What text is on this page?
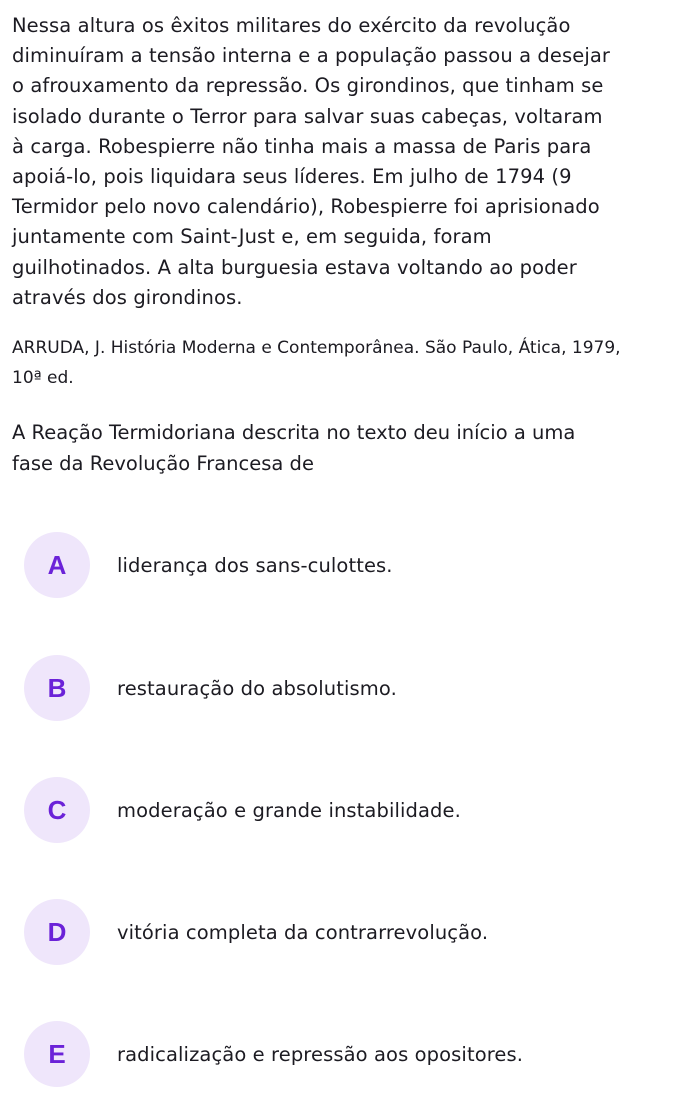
Nessa altura os êxitos militares do exército da revolução
diminuíram a tensão interna e a população passou a desejar
o afrouxamento da repressão. Os girondinos, que tinham se
isolado durante o Terror para salvar suas cabeças, voltaram
à carga. Robespierre não tinha mais a massa de Paris para
apoiá-lo, pois liquidara seus líderes. Em julho de 1794 (9
Termidor pelo novo calendário), Robespierre foi aprisionado
juntamente com Saint-Just e, em seguida, foram
guilhotinados. A alta burguesia estava voltando ao poder
através dos girondinos.
ARRUDA, J. História Moderna e Contemporânea. São Paulo, Ática, 1979,
10ª ed.
A Reação Termidoriana descrita no texto deu início a uma
fase da Revolução Francesa de
A	liderança dos sans-culottes.
B	restauração do absolutismo.
C	moderação e grande instabilidade.
D	vitória completa da contrarrevolução.
E	radicalização e repressão aos opositores.
